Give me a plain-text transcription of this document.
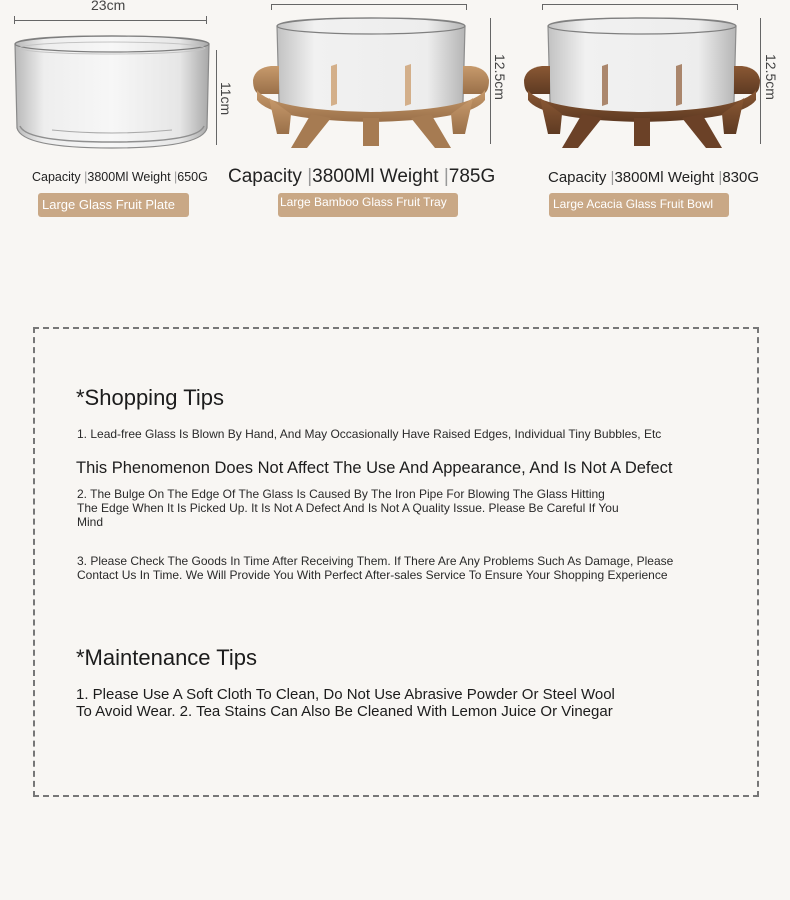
23cm
11cm
Capacity |3800Ml Weight |650G
Large Glass Fruit Plate
12.5cm
Capacity |3800Ml Weight |785G
Large Bamboo Glass Fruit Tray
12.5cm
Capacity |3800Ml Weight |830G
Large Acacia Glass Fruit Bowl
*Shopping Tips
1. Lead-free Glass Is Blown By Hand, And May Occasionally Have Raised Edges, Individual Tiny Bubbles, Etc
This Phenomenon Does Not Affect The Use And Appearance, And Is Not A Defect
2. The Bulge On The Edge Of The Glass Is Caused By The Iron Pipe For Blowing The Glass Hitting The Edge When It Is Picked Up. It Is Not A Defect And Is Not A Quality Issue. Please Be Careful If You Mind
3. Please Check The Goods In Time After Receiving Them. If There Are Any Problems Such As Damage, Please Contact Us In Time. We Will Provide You With Perfect After-sales Service To Ensure Your Shopping Experience
*Maintenance Tips
1. Please Use A Soft Cloth To Clean, Do Not Use Abrasive Powder Or Steel Wool To Avoid Wear. 2. Tea Stains Can Also Be Cleaned With Lemon Juice Or Vinegar
